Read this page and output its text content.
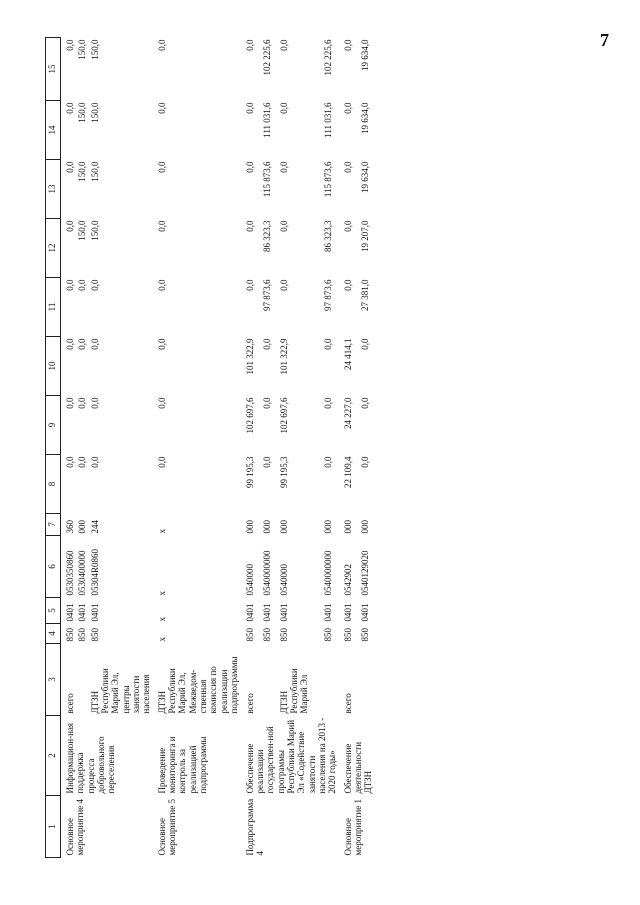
7
1	2	3	4	5	6	7	8	9	10	11	12	13	14	15
Основное мероприятие 4	Информацион-ная поддержка процесса добровольного переселения	всего	850	0401	0530350860	360	0,0	0,0	0,0	0,0	0,0	0,0	0,0	0,0
			850	0401	0530400000	000	0,0	0,0	0,0	0,0	150,0	150,0	150,0	150,0
		ДТЗН Республики Марий Эл, центры занятости населения	850	0401	05304R0860	244	0,0	0,0	0,0	0,0	150,0	150,0	150,0	150,0
Основное мероприятие 5	Проведение мониторинга и контроль за реализацией подпрограммы	ДТЗН Республики Марий Эл, Межведом-ственная комиссия по реализации подпрограммы	х	х	х	х	0,0	0,0	0,0	0,0	0,0	0,0	0,0	0,0
Подпрограмма 4	Обеспечение реализации государствен-ной программы Республики Марий Эл «Содействие занятости населения на 2013 - 2020 годы»	всего	850	0401	0540000	000	99 195,3	102 697,6	101 322,9	0,0	0,0	0,0	0,0	0,0
			850	0401	0540000000	000	0,0	0,0	0,0	97 873,6	86 323,3	115 873,6	111 031,6	102 225,6
		ДТЗН Республики Марий Эл	850	0401	0540000	000	99 195,3	102 697,6	101 322,9	0,0	0,0	0,0	0,0	0,0
			850	0401	0540000000	000	0,0	0,0	0,0	97 873,6	86 323,3	115 873,6	111 031,6	102 225,6
Основное мероприятие 1	Обеспечение деятельности ДТЗН	всего	850	0401	0542902	000	22 109,4	24 227,0	24 414,1	0,0	0,0	0,0	0,0	0,0
			850	0401	0540129020	000	0,0	0,0	0,0	27 381,0	19 207,0	19 634,0	19 634,0	19 634,0
